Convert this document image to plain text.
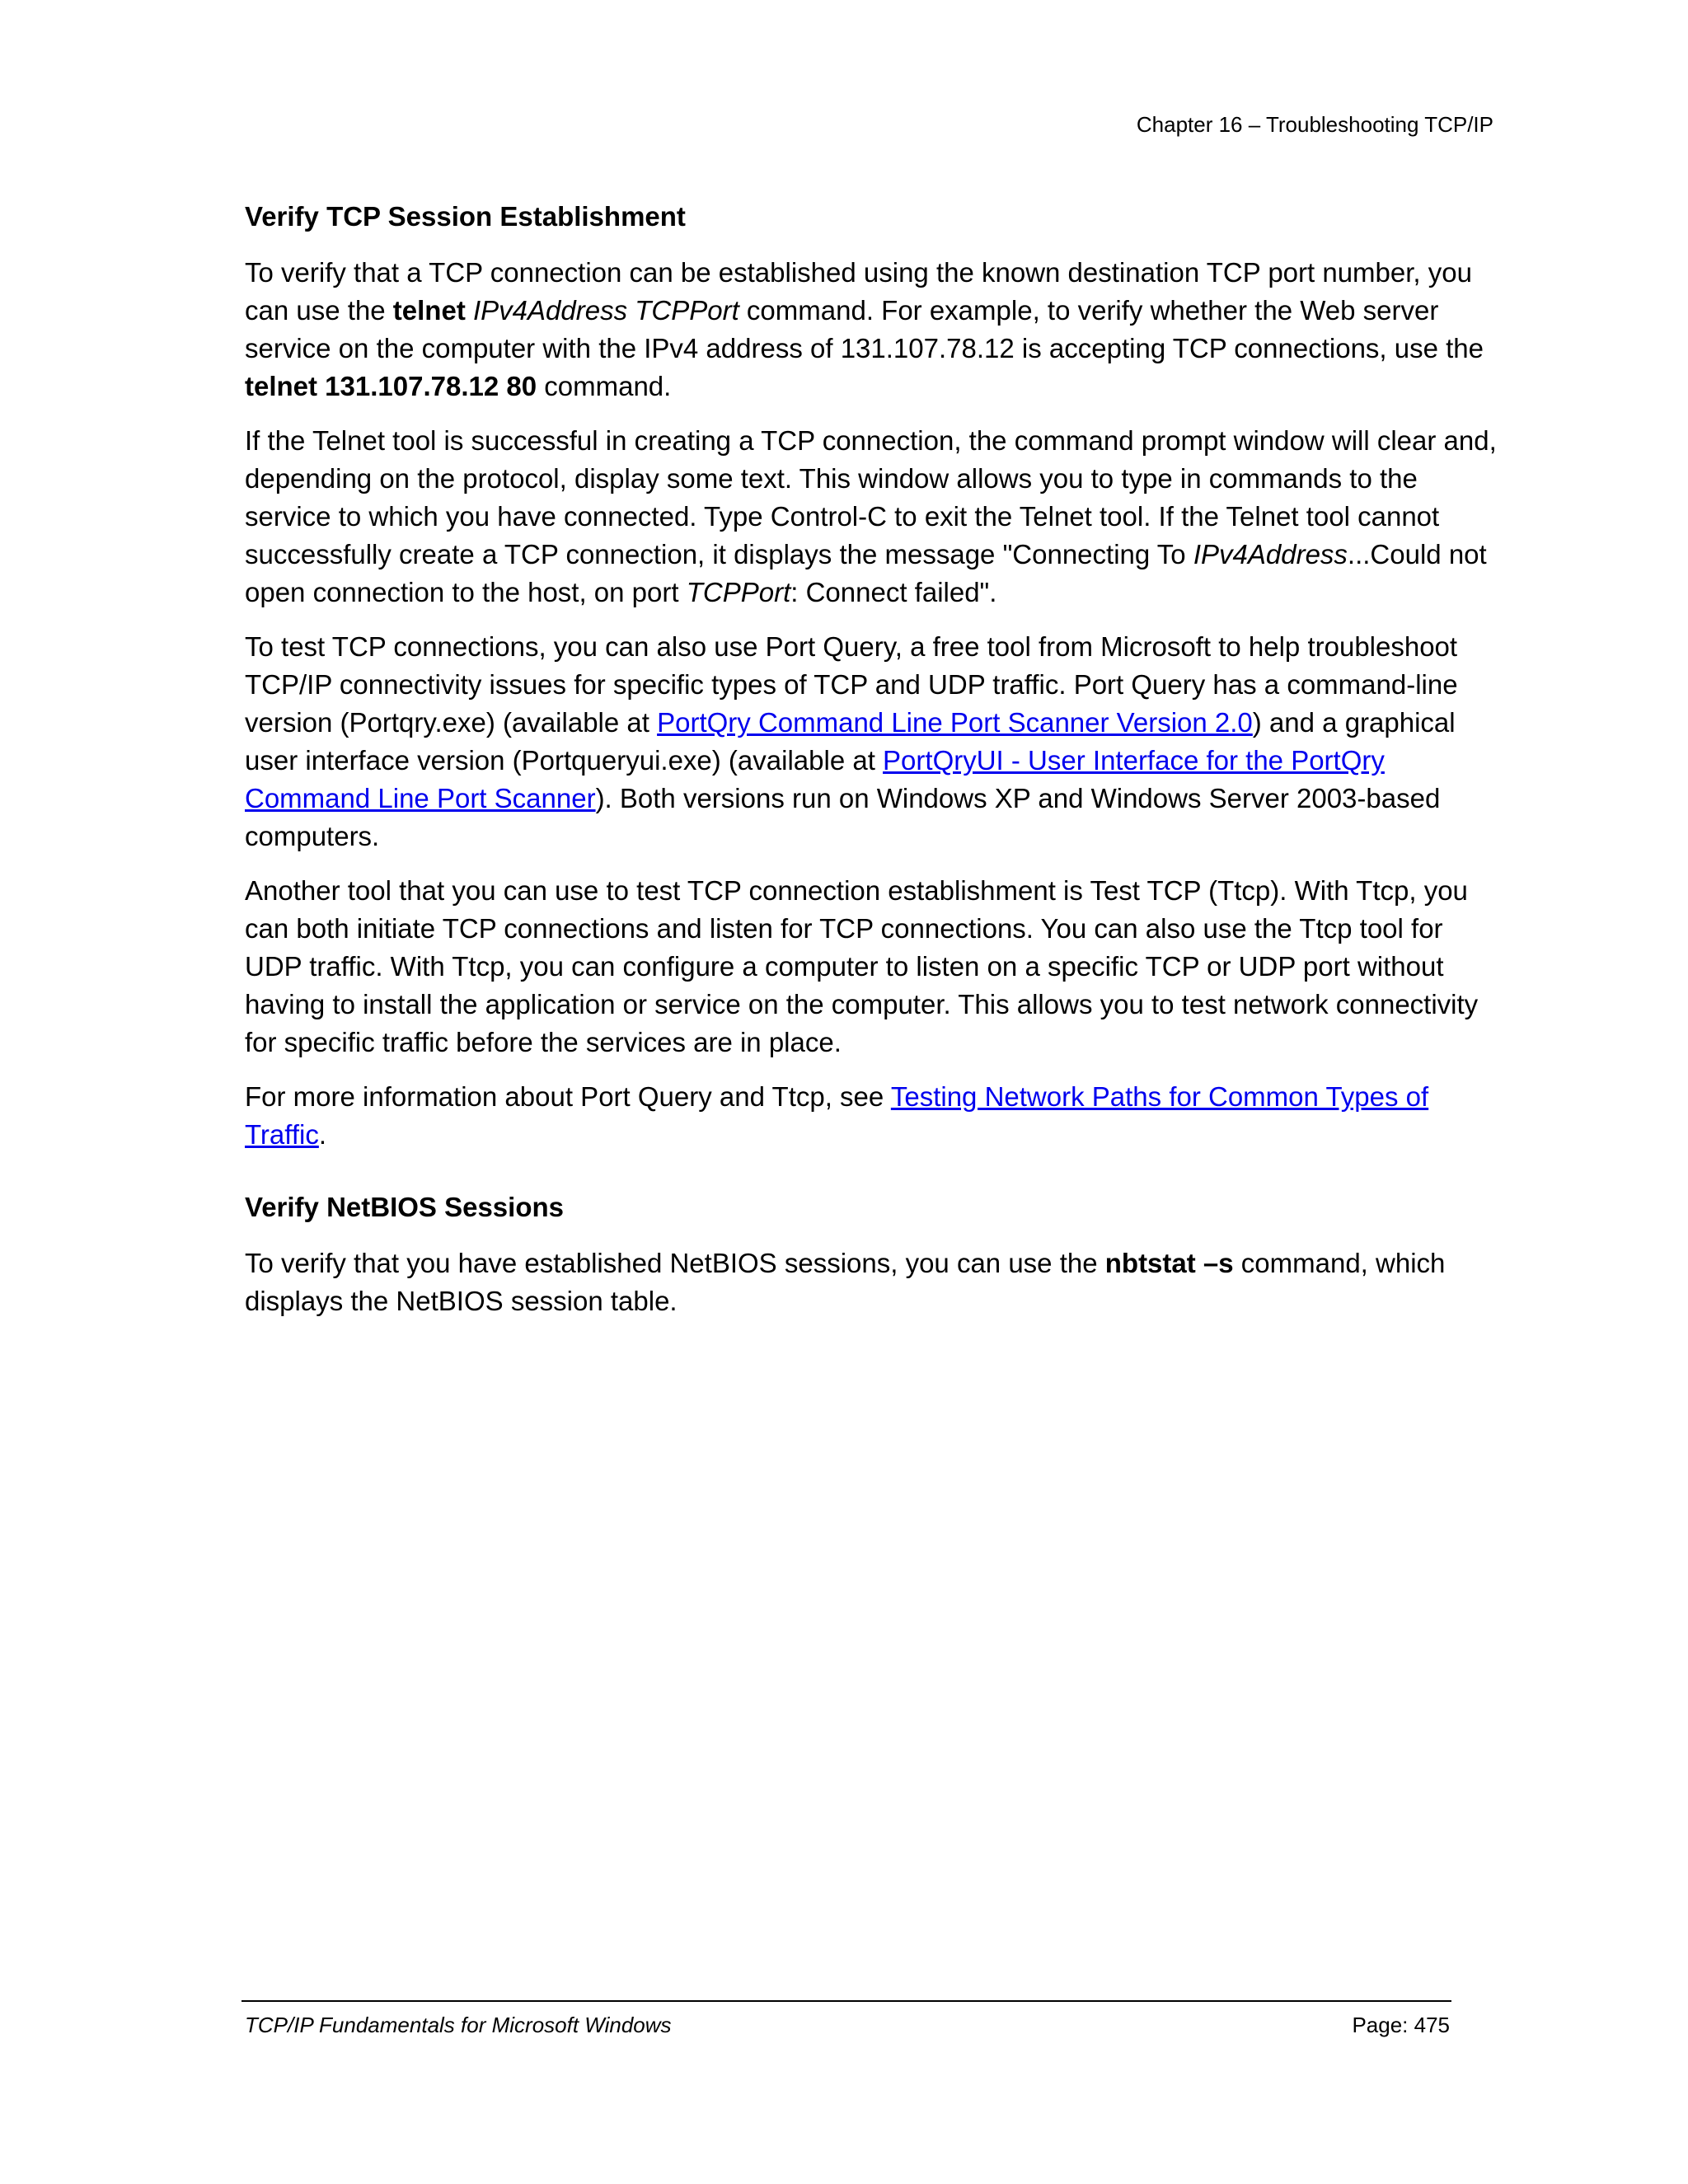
Chapter 16 – Troubleshooting TCP/IP
Verify TCP Session Establishment

To verify that a TCP connection can be established using the known destination TCP port number, you can use the telnet IPv4Address TCPPort command. For example, to verify whether the Web server service on the computer with the IPv4 address of 131.107.78.12 is accepting TCP connections, use the telnet 131.107.78.12 80 command.

If the Telnet tool is successful in creating a TCP connection, the command prompt window will clear and, depending on the protocol, display some text. This window allows you to type in commands to the service to which you have connected. Type Control-C to exit the Telnet tool. If the Telnet tool cannot successfully create a TCP connection, it displays the message "Connecting To IPv4Address...Could not open connection to the host, on port TCPPort: Connect failed".

To test TCP connections, you can also use Port Query, a free tool from Microsoft to help troubleshoot TCP/IP connectivity issues for specific types of TCP and UDP traffic. Port Query has a command-line version (Portqry.exe) (available at PortQry Command Line Port Scanner Version 2.0) and a graphical user interface version (Portqueryui.exe) (available at PortQryUI - User Interface for the PortQry Command Line Port Scanner). Both versions run on Windows XP and Windows Server 2003-based computers.

Another tool that you can use to test TCP connection establishment is Test TCP (Ttcp). With Ttcp, you can both initiate TCP connections and listen for TCP connections. You can also use the Ttcp tool for UDP traffic. With Ttcp, you can configure a computer to listen on a specific TCP or UDP port without having to install the application or service on the computer. This allows you to test network connectivity for specific traffic before the services are in place.

For more information about Port Query and Ttcp, see Testing Network Paths for Common Types of Traffic.

Verify NetBIOS Sessions

To verify that you have established NetBIOS sessions, you can use the nbtstat –s command, which displays the NetBIOS session table.

TCP/IP Fundamentals for Microsoft Windows	Page: 475
